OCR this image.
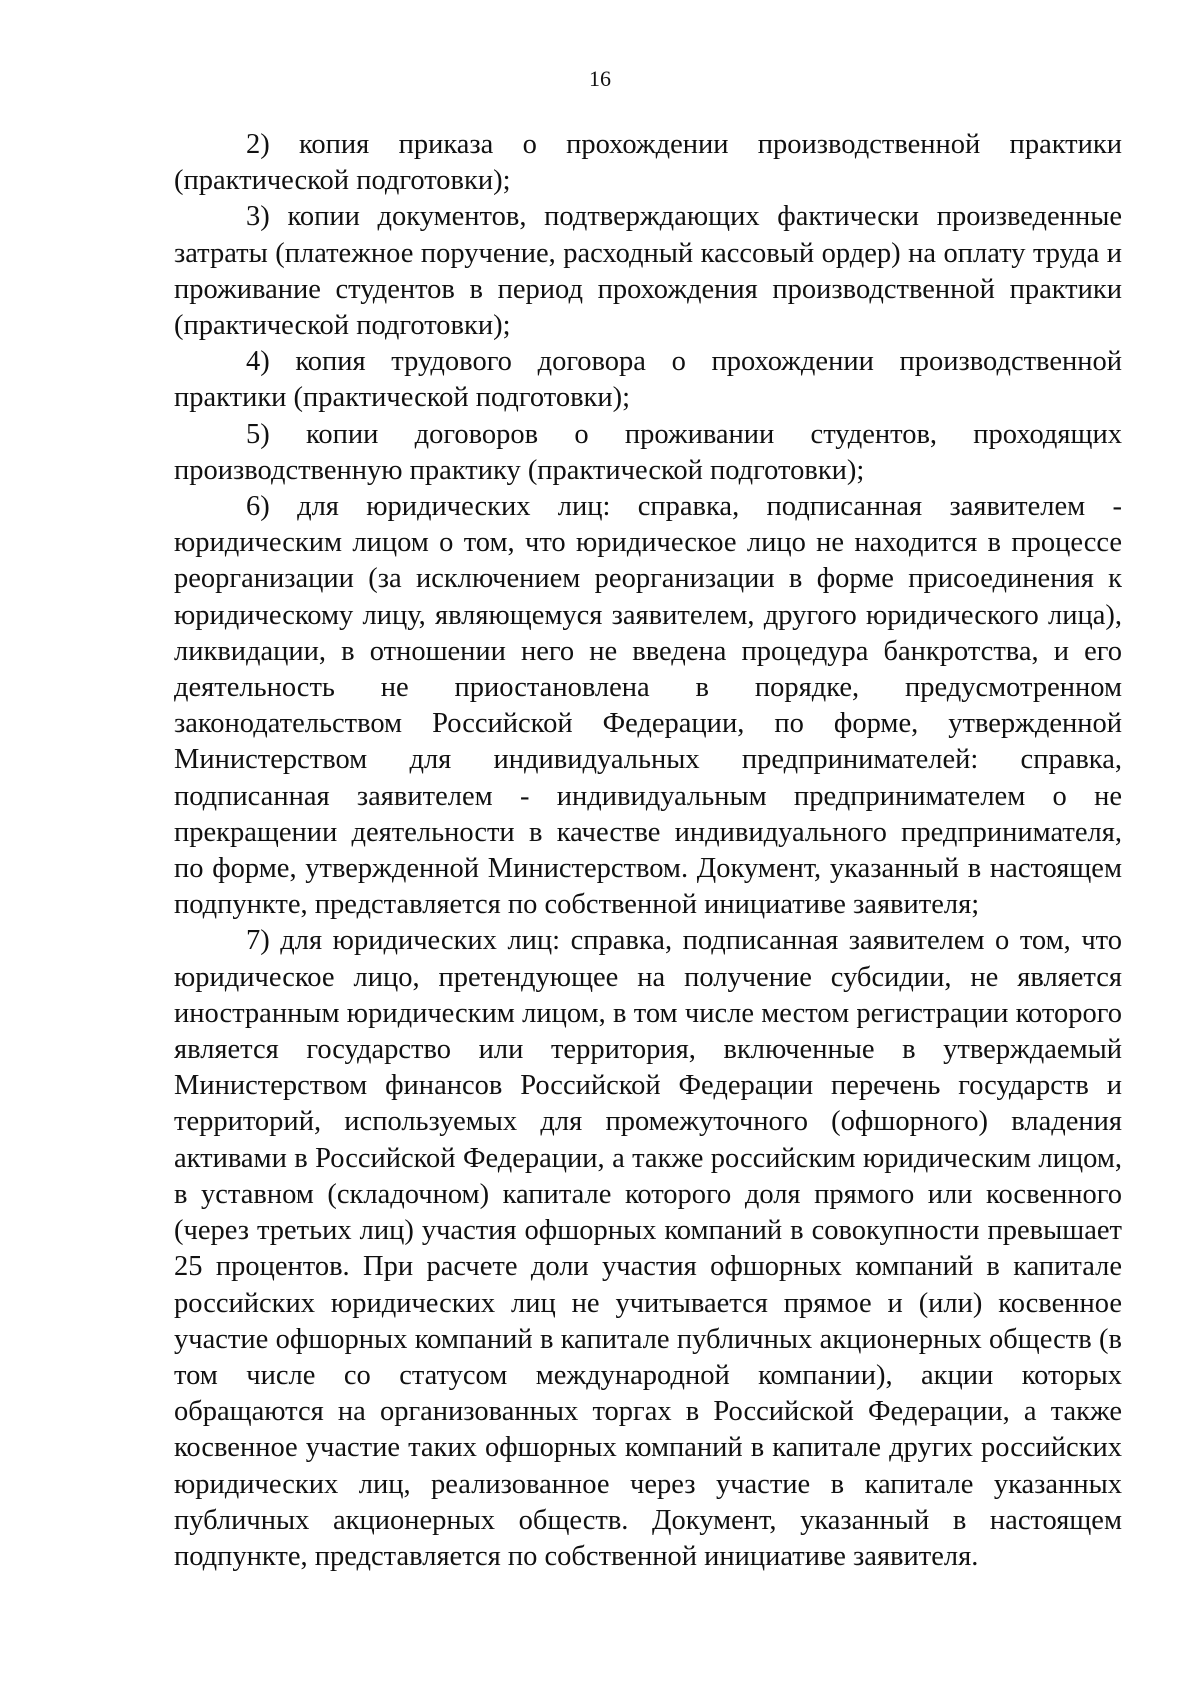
16

2) копия приказа о прохождении производственной практики (практической подготовки);

3) копии документов, подтверждающих фактически произведенные затраты (платежное поручение, расходный кассовый ордер) на оплату труда и проживание студентов в период прохождения производственной практики (практической подготовки);

4) копия трудового договора о прохождении производственной практики (практической подготовки);

5) копии договоров о проживании студентов, проходящих производственную практику (практической подготовки);

6) для юридических лиц: справка, подписанная заявителем - юридическим лицом о том, что юридическое лицо не находится в процессе реорганизации (за исключением реорганизации в форме присоединения к юридическому лицу, являющемуся заявителем, другого юридического лица), ликвидации, в отношении него не введена процедура банкротства, и его деятельность не приостановлена в порядке, предусмотренном законодательством Российской Федерации, по форме, утвержденной Министерством для индивидуальных предпринимателей: справка, подписанная заявителем - индивидуальным предпринимателем о не прекращении деятельности в качестве индивидуального предпринимателя, по форме, утвержденной Министерством. Документ, указанный в настоящем подпункте, представляется по собственной инициативе заявителя;

7) для юридических лиц: справка, подписанная заявителем о том, что юридическое лицо, претендующее на получение субсидии, не является иностранным юридическим лицом, в том числе местом регистрации которого является государство или территория, включенные в утверждаемый Министерством финансов Российской Федерации перечень государств и территорий, используемых для промежуточного (офшорного) владения активами в Российской Федерации, а также российским юридическим лицом, в уставном (складочном) капитале которого доля прямого или косвенного (через третьих лиц) участия офшорных компаний в совокупности превышает 25 процентов. При расчете доли участия офшорных компаний в капитале российских юридических лиц не учитывается прямое и (или) косвенное участие офшорных компаний в капитале публичных акционерных обществ (в том числе со статусом международной компании), акции которых обращаются на организованных торгах в Российской Федерации, а также косвенное участие таких офшорных компаний в капитале других российских юридических лиц, реализованное через участие в капитале указанных публичных акционерных обществ. Документ, указанный в настоящем подпункте, представляется по собственной инициативе заявителя.
